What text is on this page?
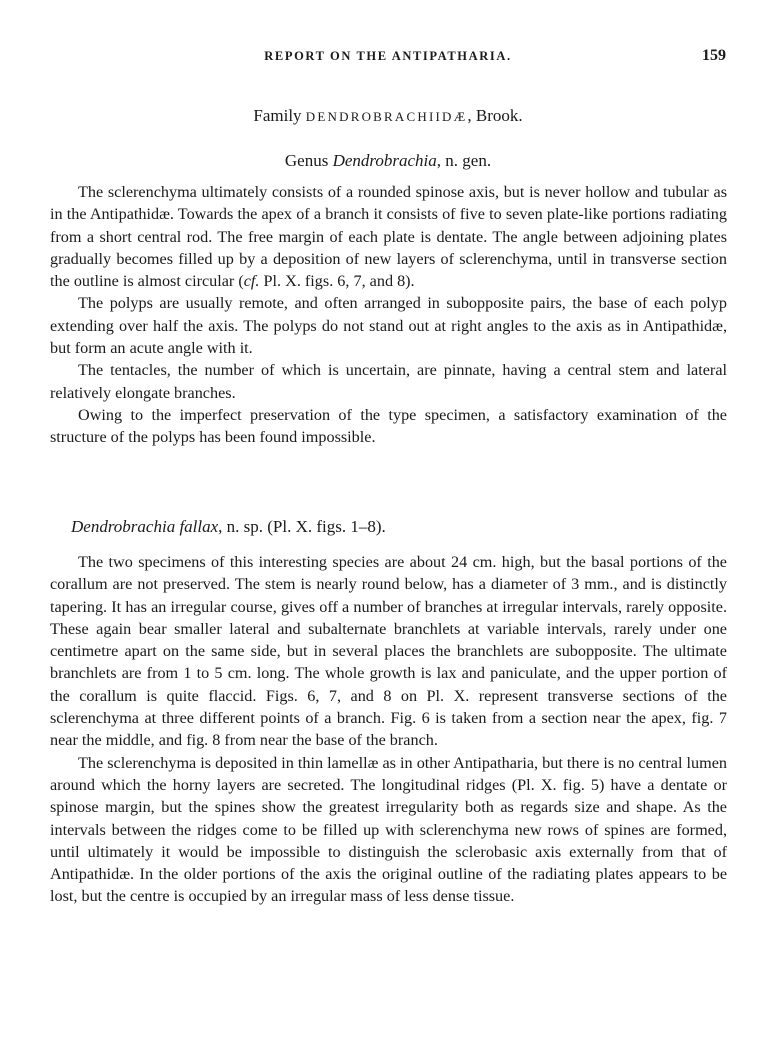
REPORT ON THE ANTIPATHARIA.	159
Family DENDROBRACHIIDÆ, Brook.
Genus Dendrobrachia, n. gen.

The sclerenchyma ultimately consists of a rounded spinose axis, but is never hollow and tubular as in the Antipathidæ. Towards the apex of a branch it consists of five to seven plate-like portions radiating from a short central rod. The free margin of each plate is dentate. The angle between adjoining plates gradually becomes filled up by a deposition of new layers of sclerenchyma, until in transverse section the outline is almost circular (cf. Pl. X. figs. 6, 7, and 8).

The polyps are usually remote, and often arranged in subopposite pairs, the base of each polyp extending over half the axis. The polyps do not stand out at right angles to the axis as in Antipathidæ, but form an acute angle with it.

The tentacles, the number of which is uncertain, are pinnate, having a central stem and lateral relatively elongate branches.

Owing to the imperfect preservation of the type specimen, a satisfactory examination of the structure of the polyps has been found impossible.

Dendrobrachia fallax, n. sp. (Pl. X. figs. 1–8).

The two specimens of this interesting species are about 24 cm. high, but the basal portions of the corallum are not preserved. The stem is nearly round below, has a diameter of 3 mm., and is distinctly tapering. It has an irregular course, gives off a number of branches at irregular intervals, rarely opposite. These again bear smaller lateral and subalternate branchlets at variable intervals, rarely under one centimetre apart on the same side, but in several places the branchlets are subopposite. The ultimate branchlets are from 1 to 5 cm. long. The whole growth is lax and paniculate, and the upper portion of the corallum is quite flaccid. Figs. 6, 7, and 8 on Pl. X. represent transverse sections of the sclerenchyma at three different points of a branch. Fig. 6 is taken from a section near the apex, fig. 7 near the middle, and fig. 8 from near the base of the branch.

The sclerenchyma is deposited in thin lamellæ as in other Antipatharia, but there is no central lumen around which the horny layers are secreted. The longitudinal ridges (Pl. X. fig. 5) have a dentate or spinose margin, but the spines show the greatest irregularity both as regards size and shape. As the intervals between the ridges come to be filled up with sclerenchyma new rows of spines are formed, until ultimately it would be impossible to distinguish the sclerobasic axis externally from that of Antipathidæ. In the older portions of the axis the original outline of the radiating plates appears to be lost, but the centre is occupied by an irregular mass of less dense tissue.
